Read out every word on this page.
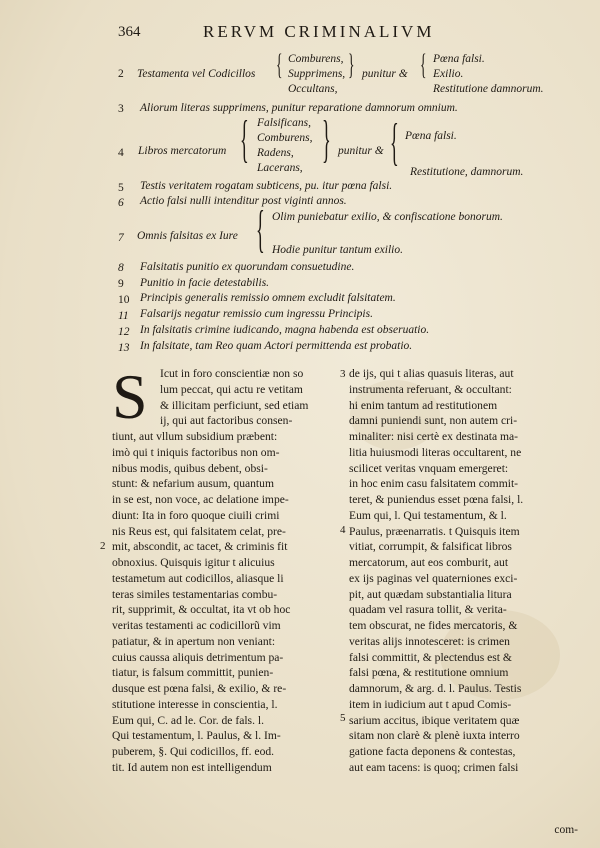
364	RERVM CRIMINALIVM
2 Testamenta vel Codicillos { Comburens,
Supprimens,
Occultans,
} punitur & { Pœna falsi.
Exilio.
Restitutione damnorum.
3 Aliorum literas supprimens, punitur reparatione damnorum omnium.
4 Libros mercatorum { Falsificans,
Comburens,
Radens,
Lacerans, } punitur & { Pœna falsi.
Restitutione, damnorum.
5 Testis veritatem rogatam subticens, pu. itur pœna falsi.
6 Actio falsi nulli intenditur post viginti annos.
7 Omnis falsitas ex Iure { Olim puniebatur exilio, & confiscatione bonorum.
Hodie punitur tantum exilio.
8 Falsitatis punitio ex quorundam consuetudine.
9 Punitio in facie detestabilis.
10 Principis generalis remissio omnem excludit falsitatem.
11 Falsarijs negatur remissio cum ingressu Principis.
12 In falsitatis crimine iudicando, magna habenda est obseruatio.
13 In falsitate, tam Reo quam Actori permittenda est probatio.
S Icut in foro conscientiæ non so
lum peccat, qui actu re vetitam
& illicitam perficiunt, sed etiam
ij, qui aut factoribus consen-
tiunt, aut vllum subsidium præbent:
imò qui t iniquis factoribus non om-
nibus modis, quibus debent, obsi-
stunt: & nefarium ausum, quantum
in se est, non voce, ac delatione impe-
diunt: Ita in foro quoque ciuili crimi
nis Reus est, qui falsitatem celat, pre-
mit, abscondit, ac tacet, & criminis fit
obnoxius. Quisquis igitur t alicuius
testametum aut codicillos, aliasque li
teras similes testamentarias combu-
rit, supprimit, & occultat, ita vt ob hoc
veritas testamenti ac codicillorũ vim
patiatur, & in apertum non veniant:
cuius caussa aliquis detrimentum pa-
tiatur, is falsum committit, punien-
dusque est pœna falsi, & exilio, & re-
stitutione interesse in conscientia, l.
Eum qui, C. ad le. Cor. de fals. l.
Qui testamentum, l. Paulus, & l. Im-
puberem, §. Qui codicillos, ff. eod.
tit. Id autem non est intelligendum
2
3
4
5
de ijs, qui t alias quasuis literas, aut
instrumenta referuant, & occultant:
hi enim tantum ad restitutionem
damni puniendi sunt, non autem cri-
minaliter: nisi certè ex destinata ma-
litia huiusmodi literas occultarent, ne
scilicet veritas vnquam emergeret:
in hoc enim casu falsitatem commit-
teret, & puniendus esset pœna falsi, l.
Eum qui, l. Qui testamentum, & l.
Paulus, præenarratis. t Quisquis item
vitiat, corrumpit, & falsificat libros
mercatorum, aut eos comburit, aut
ex ijs paginas vel quaterniones exci-
pit, aut quædam substantialia litura
quadam vel rasura tollit, & verita-
tem obscurat, ne fides mercatoris, &
veritas alijs innotesceret: is crimen
falsi committit, & plectendus est &
falsi pœna, & restitutione omnium
damnorum, & arg. d. l. Paulus. Testis
item in iudicium aut t apud Comis-
sarium accitus, ibique veritatem quæ
sitam non clarè & plenè iuxta interro
gatione facta deponens & contestas,
aut eam tacens: is quoq; crimen falsi
com-
